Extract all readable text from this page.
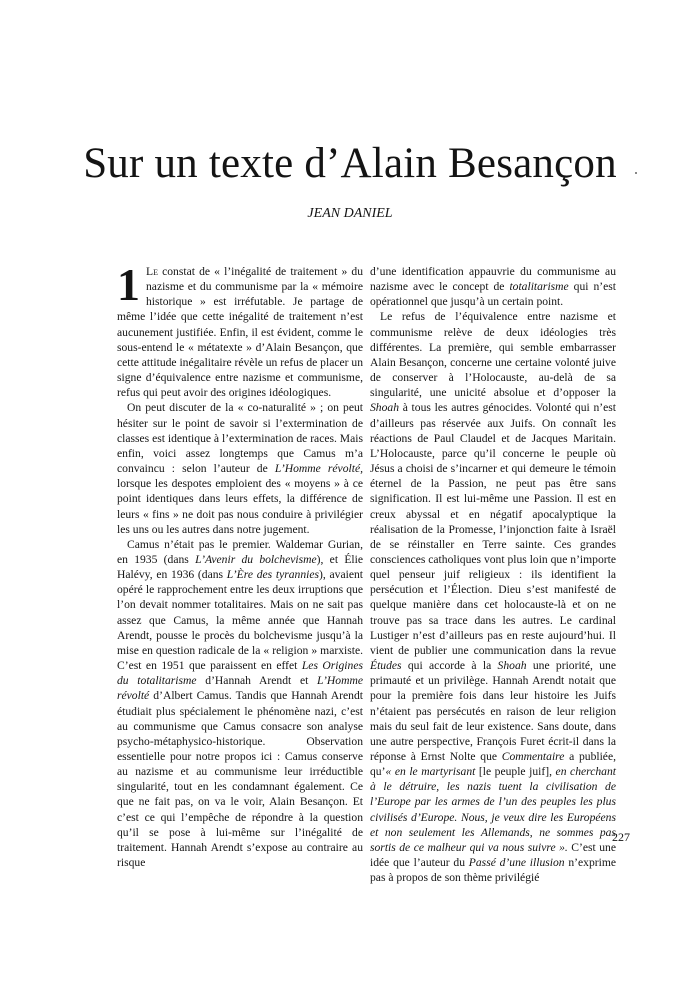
Sur un texte d’Alain Besançon
JEAN DANIEL

1 Le constat de « l’inégalité de traitement » du nazisme et du communisme par la « mémoire historique » est irréfutable. Je partage de même l’idée que cette inégalité de traitement n’est aucunement justifiée. Enfin, il est évident, comme le sous-entend le « métatexte » d’Alain Besançon, que cette attitude inégalitaire révèle un refus de placer un signe d’équivalence entre nazisme et communisme, refus qui peut avoir des origines idéologiques.

On peut discuter de la « co-naturalité » ; on peut hésiter sur le point de savoir si l’extermination de classes est identique à l’extermination de races. Mais enfin, voici assez longtemps que Camus m’a convaincu : selon l’auteur de L’Homme révolté, lorsque les despotes emploient des « moyens » à ce point identiques dans leurs effets, la différence de leurs « fins » ne doit pas nous conduire à privilégier les uns ou les autres dans notre jugement.

Camus n’était pas le premier. Waldemar Gurian, en 1935 (dans L’Avenir du bolchevisme), et Élie Halévy, en 1936 (dans L’Ère des tyrannies), avaient opéré le rapprochement entre les deux irruptions que l’on devait nommer totalitaires. Mais on ne sait pas assez que Camus, la même année que Hannah Arendt, pousse le procès du bolchevisme jusqu’à la mise en question radicale de la « religion » marxiste. C’est en 1951 que paraissent en effet Les Origines du totalitarisme d’Hannah Arendt et L’Homme révolté d’Albert Camus. Tandis que Hannah Arendt étudiait plus spécialement le phénomène nazi, c’est au communisme que Camus consacre son analyse psycho-métaphysico-historique. Observation essentielle pour notre propos ici : Camus conserve au nazisme et au communisme leur irréductible singularité, tout en les condamnant également. Ce que ne fait pas, on va le voir, Alain Besançon. Et c’est ce qui l’empêche de répondre à la question qu’il se pose à lui-même sur l’inégalité de traitement. Hannah Arendt s’expose au contraire au risque

d’une identification appauvrie du communisme au nazisme avec le concept de totalitarisme qui n’est opérationnel que jusqu’à un certain point.

Le refus de l’équivalence entre nazisme et communisme relève de deux idéologies très différentes. La première, qui semble embarrasser Alain Besançon, concerne une certaine volonté juive de conserver à l’Holocauste, au-delà de sa singularité, une unicité absolue et d’opposer la Shoah à tous les autres génocides. Volonté qui n’est d’ailleurs pas réservée aux Juifs. On connaît les réactions de Paul Claudel et de Jacques Maritain. L’Holocauste, parce qu’il concerne le peuple où Jésus a choisi de s’incarner et qui demeure le témoin éternel de la Passion, ne peut pas être sans signification. Il est lui-même une Passion. Il est en creux abyssal et en négatif apocalyptique la réalisation de la Promesse, l’injonction faite à Israël de se réinstaller en Terre sainte. Ces grandes consciences catholiques vont plus loin que n’importe quel penseur juif religieux : ils identifient la persécution et l’Élection. Dieu s’est manifesté de quelque manière dans cet holocauste-là et on ne trouve pas sa trace dans les autres. Le cardinal Lustiger n’est d’ailleurs pas en reste aujourd’hui. Il vient de publier une communication dans la revue Études qui accorde à la Shoah une priorité, une primauté et un privilège. Hannah Arendt notait que pour la première fois dans leur histoire les Juifs n’étaient pas persécutés en raison de leur religion mais du seul fait de leur existence. Sans doute, dans une autre perspective, François Furet écrit-il dans la réponse à Ernst Nolte que Commentaire a publiée, qu’« en le martyrisant [le peuple juif], en cherchant à le détruire, les nazis tuent la civilisation de l’Europe par les armes de l’un des peuples les plus civilisés d’Europe. Nous, je veux dire les Européens et non seulement les Allemands, ne sommes pas sortis de ce malheur qui va nous suivre ». C’est une idée que l’auteur du Passé d’une illusion n’exprime pas à propos de son thème privilégié

227
